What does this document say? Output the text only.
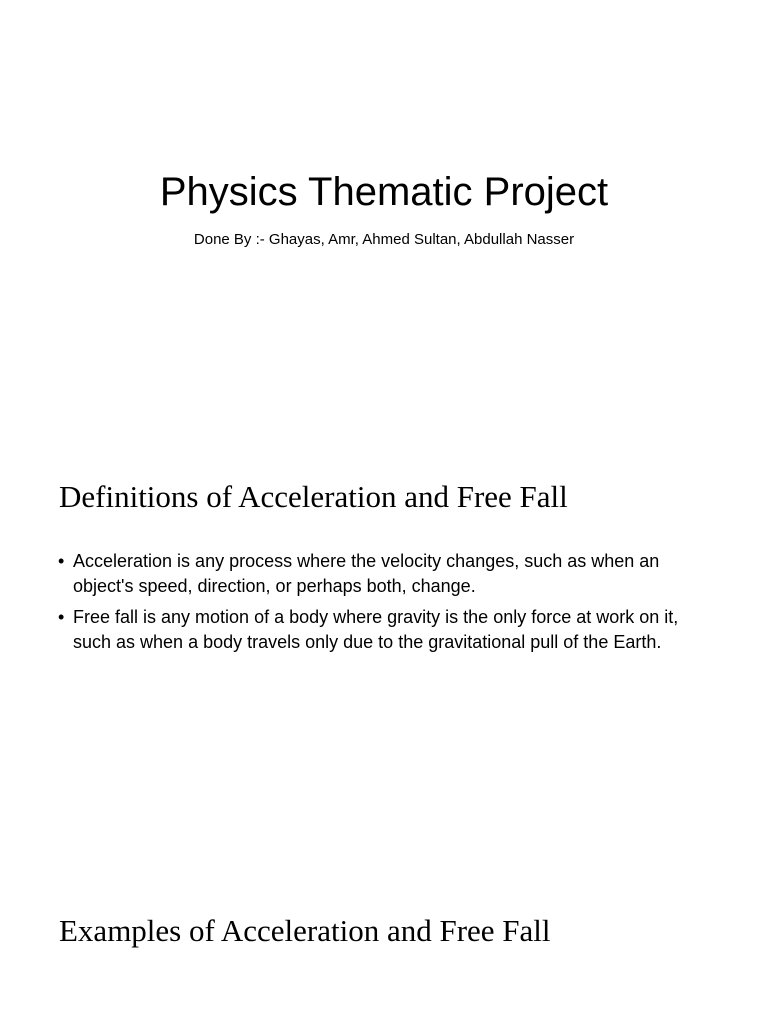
Physics Thematic Project

Done By :- Ghayas, Amr, Ahmed Sultan, Abdullah Nasser

Definitions of Acceleration and Free Fall
• Acceleration is any process where the velocity changes, such as when an object's speed, direction, or perhaps both, change.
• Free fall is any motion of a body where gravity is the only force at work on it, such as when a body travels only due to the gravitational pull of the Earth.
Examples of Acceleration and Free Fall
